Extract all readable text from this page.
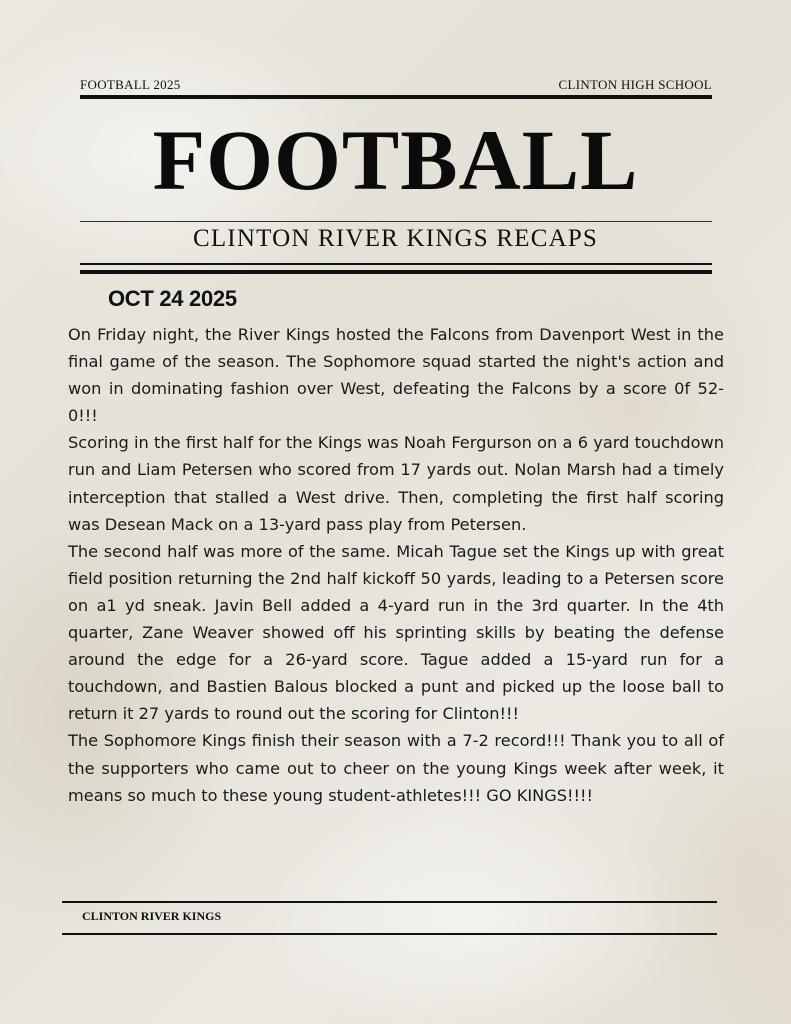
FOOTBALL 2025	CLINTON HIGH SCHOOL
FOOTBALL
CLINTON RIVER KINGS RECAPS
OCT 24 2025

On Friday night, the River Kings hosted the Falcons from Davenport West in the final game of the season. The Sophomore squad started the night's action and won in dominating fashion over West, defeating the Falcons by a score 0f 52-0!!!

Scoring in the first half for the Kings was Noah Fergurson on a 6 yard touchdown run and Liam Petersen who scored from 17 yards out. Nolan Marsh had a timely interception that stalled a West drive. Then, completing the first half scoring was Desean Mack on a 13-yard pass play from Petersen.

The second half was more of the same. Micah Tague set the Kings up with great field position returning the 2nd half kickoff 50 yards, leading to a Petersen score on a1 yd sneak. Javin Bell added a 4-yard run in the 3rd quarter. In the 4th quarter, Zane Weaver showed off his sprinting skills by beating the defense around the edge for a 26-yard score. Tague added a 15-yard run for a touchdown, and Bastien Balous blocked a punt and picked up the loose ball to return it 27 yards to round out the scoring for Clinton!!!

The Sophomore Kings finish their season with a 7-2 record!!! Thank you to all of the supporters who came out to cheer on the young Kings week after week, it means so much to these young student-athletes!!! GO KINGS!!!!

CLINTON RIVER KINGS
